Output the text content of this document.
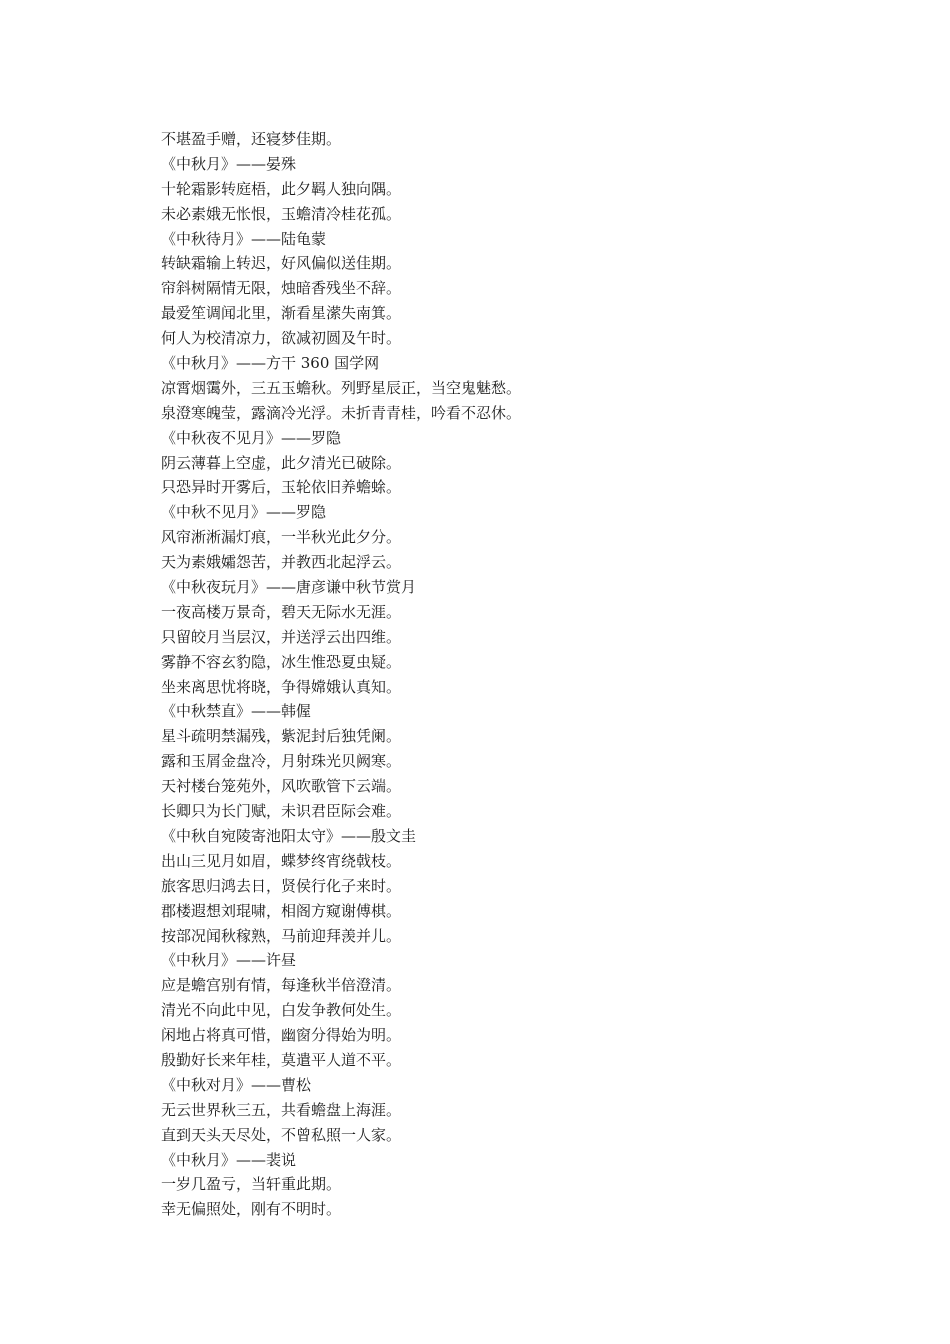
不堪盈手赠，还寝梦佳期。
《中秋月》——晏殊
十轮霜影转庭梧，此夕羁人独向隅。
未必素娥无怅恨，玉蟾清冷桂花孤。
《中秋待月》——陆龟蒙
转缺霜输上转迟，好风偏似送佳期。
帘斜树隔情无限，烛暗香残坐不辞。
最爱笙调闻北里，渐看星潆失南箕。
何人为校清凉力，欲减初圆及午时。
《中秋月》——方干 360 国学网
凉霄烟霭外，三五玉蟾秋。列野星辰正，当空鬼魅愁。
泉澄寒魄莹，露滴冷光浮。未折青青桂，吟看不忍休。
《中秋夜不见月》——罗隐
阴云薄暮上空虚，此夕清光已破除。
只恐异时开雾后，玉轮依旧养蟾蜍。
《中秋不见月》——罗隐
风帘淅淅漏灯痕，一半秋光此夕分。
天为素娥孀怨苦，并教西北起浮云。
《中秋夜玩月》——唐彦谦中秋节赏月
一夜高楼万景奇，碧天无际水无涯。
只留皎月当层汉，并送浮云出四维。
雾静不容玄豹隐，冰生惟恐夏虫疑。
坐来离思忧将晓，争得嫦娥认真知。
《中秋禁直》——韩偓
星斗疏明禁漏残，紫泥封后独凭阑。
露和玉屑金盘冷，月射珠光贝阙寒。
天衬楼台笼苑外，风吹歌管下云端。
长卿只为长门赋，未识君臣际会难。
《中秋自宛陵寄池阳太守》——殷文圭
出山三见月如眉，蝶梦终宵绕戟枝。
旅客思归鸿去日，贤侯行化子来时。
郡楼遐想刘琨啸，相阁方窥谢傅棋。
按部况闻秋稼熟，马前迎拜羡并儿。
《中秋月》——许昼
应是蟾宫别有情，每逢秋半倍澄清。
清光不向此中见，白发争教何处生。
闲地占将真可惜，幽窗分得始为明。
殷勤好长来年桂，莫遣平人道不平。
《中秋对月》——曹松
无云世界秋三五，共看蟾盘上海涯。
直到天头天尽处，不曾私照一人家。
《中秋月》——裴说
一岁几盈亏，当轩重此期。
幸无偏照处，刚有不明时。
